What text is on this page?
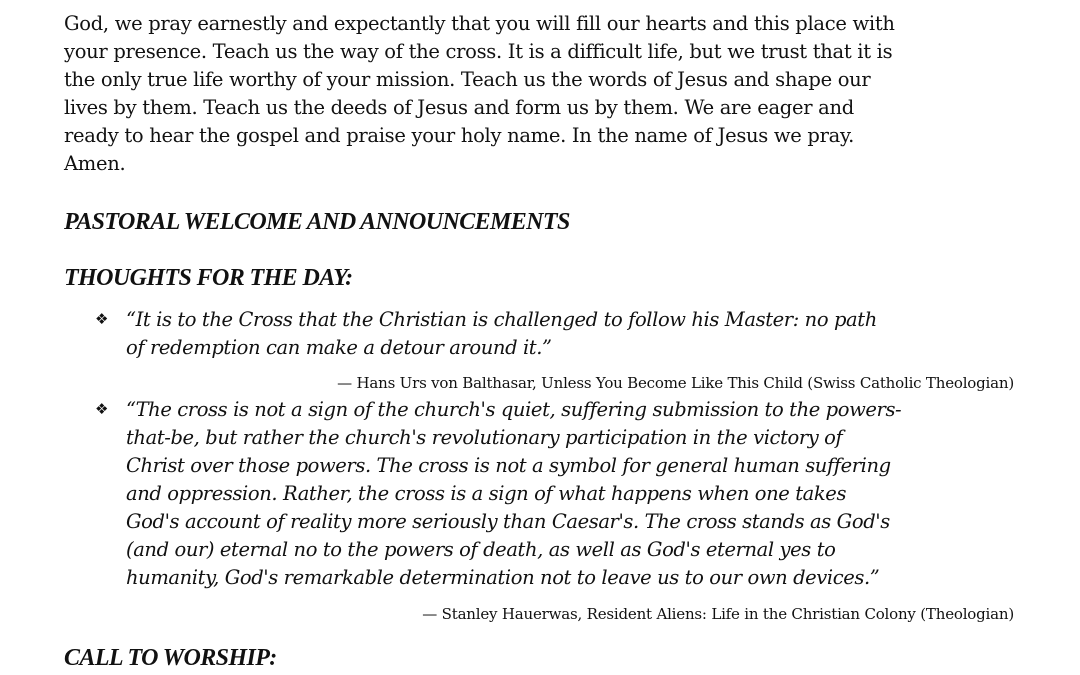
God, we pray earnestly and expectantly that you will fill our hearts and this place with
your presence. Teach us the way of the cross. It is a difficult life, but we trust that it is
the only true life worthy of your mission. Teach us the words of Jesus and shape our
lives by them. Teach us the deeds of Jesus and form us by them. We are eager and
ready to hear the gospel and praise your holy name. In the name of Jesus we pray.
Amen.

PASTORAL WELCOME AND ANNOUNCEMENTS
THOUGHTS FOR THE DAY:
❖ “It is to the Cross that the Christian is challenged to follow his Master: no path
of redemption can make a detour around it.”

— Hans Urs von Balthasar, Unless You Become Like This Child (Swiss Catholic Theologian)

❖ “The cross is not a sign of the church's quiet, suffering submission to the powers-
that-be, but rather the church's revolutionary participation in the victory of
Christ over those powers. The cross is not a symbol for general human suffering
and oppression. Rather, the cross is a sign of what happens when one takes
God's account of reality more seriously than Caesar's. The cross stands as God's
(and our) eternal no to the powers of death, as well as God's eternal yes to
humanity, God's remarkable determination not to leave us to our own devices.”

— Stanley Hauerwas, Resident Aliens: Life in the Christian Colony (Theologian)

CALL TO WORSHIP:
